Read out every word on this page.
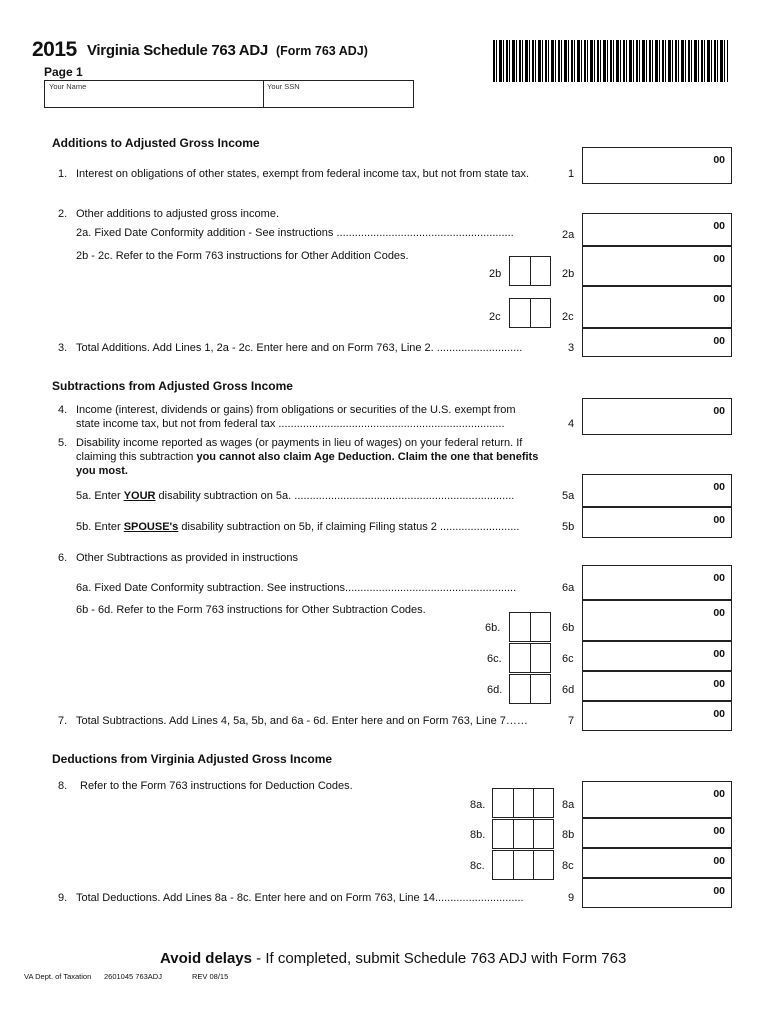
2015 Virginia Schedule 763 ADJ (Form 763 ADJ)
Page 1
Your Name	Your SSN
Additions to Adjusted Gross Income
1. Interest on obligations of other states, exempt from federal income tax, but not from state tax.	1
00
2. Other additions to adjusted gross income.
2a. Fixed Date Conformity addition - See instructions ..........................................................	2a
00
2b - 2c. Refer to the Form 763 instructions for Other Addition Codes.
2b	2b
00
2c	2c
00
3. Total Additions. Add Lines 1, 2a - 2c. Enter here and on Form 763, Line 2. ............................	3
00
Subtractions from Adjusted Gross Income
4. Income (interest, dividends or gains) from obligations or securities of the U.S. exempt from
state income tax, but not from federal tax ..........................................................................	4
00
5. Disability income reported as wages (or payments in lieu of wages) on your federal return. If
claiming this subtraction you cannot also claim Age Deduction. Claim the one that benefits
you most.
5a. Enter YOUR disability subtraction on 5a. ........................................................................	5a
00
5b. Enter SPOUSE's disability subtraction on 5b, if claiming Filing status 2 ..........................	5b
00
6. Other Subtractions as provided in instructions
6a. Fixed Date Conformity subtraction. See instructions........................................................	6a
00
6b - 6d. Refer to the Form 763 instructions for Other Subtraction Codes.
6b.	6b
00
6c.	6c	00
6d.	6d	00
7. Total Subtractions. Add Lines 4, 5a, 5b, and 6a - 6d. Enter here and on Form 763, Line 7……	7
00
Deductions from Virginia Adjusted Gross Income
8. Refer to the Form 763 instructions for Deduction Codes.
8a.	8a
00
8b.	8b	00
8c.	8c	00
9. Total Deductions. Add Lines 8a - 8c. Enter here and on Form 763, Line 14.............................	9
00
Avoid delays - If completed, submit Schedule 763 ADJ with Form 763
VA Dept. of Taxation 2601045 763ADJ	REV 08/15
